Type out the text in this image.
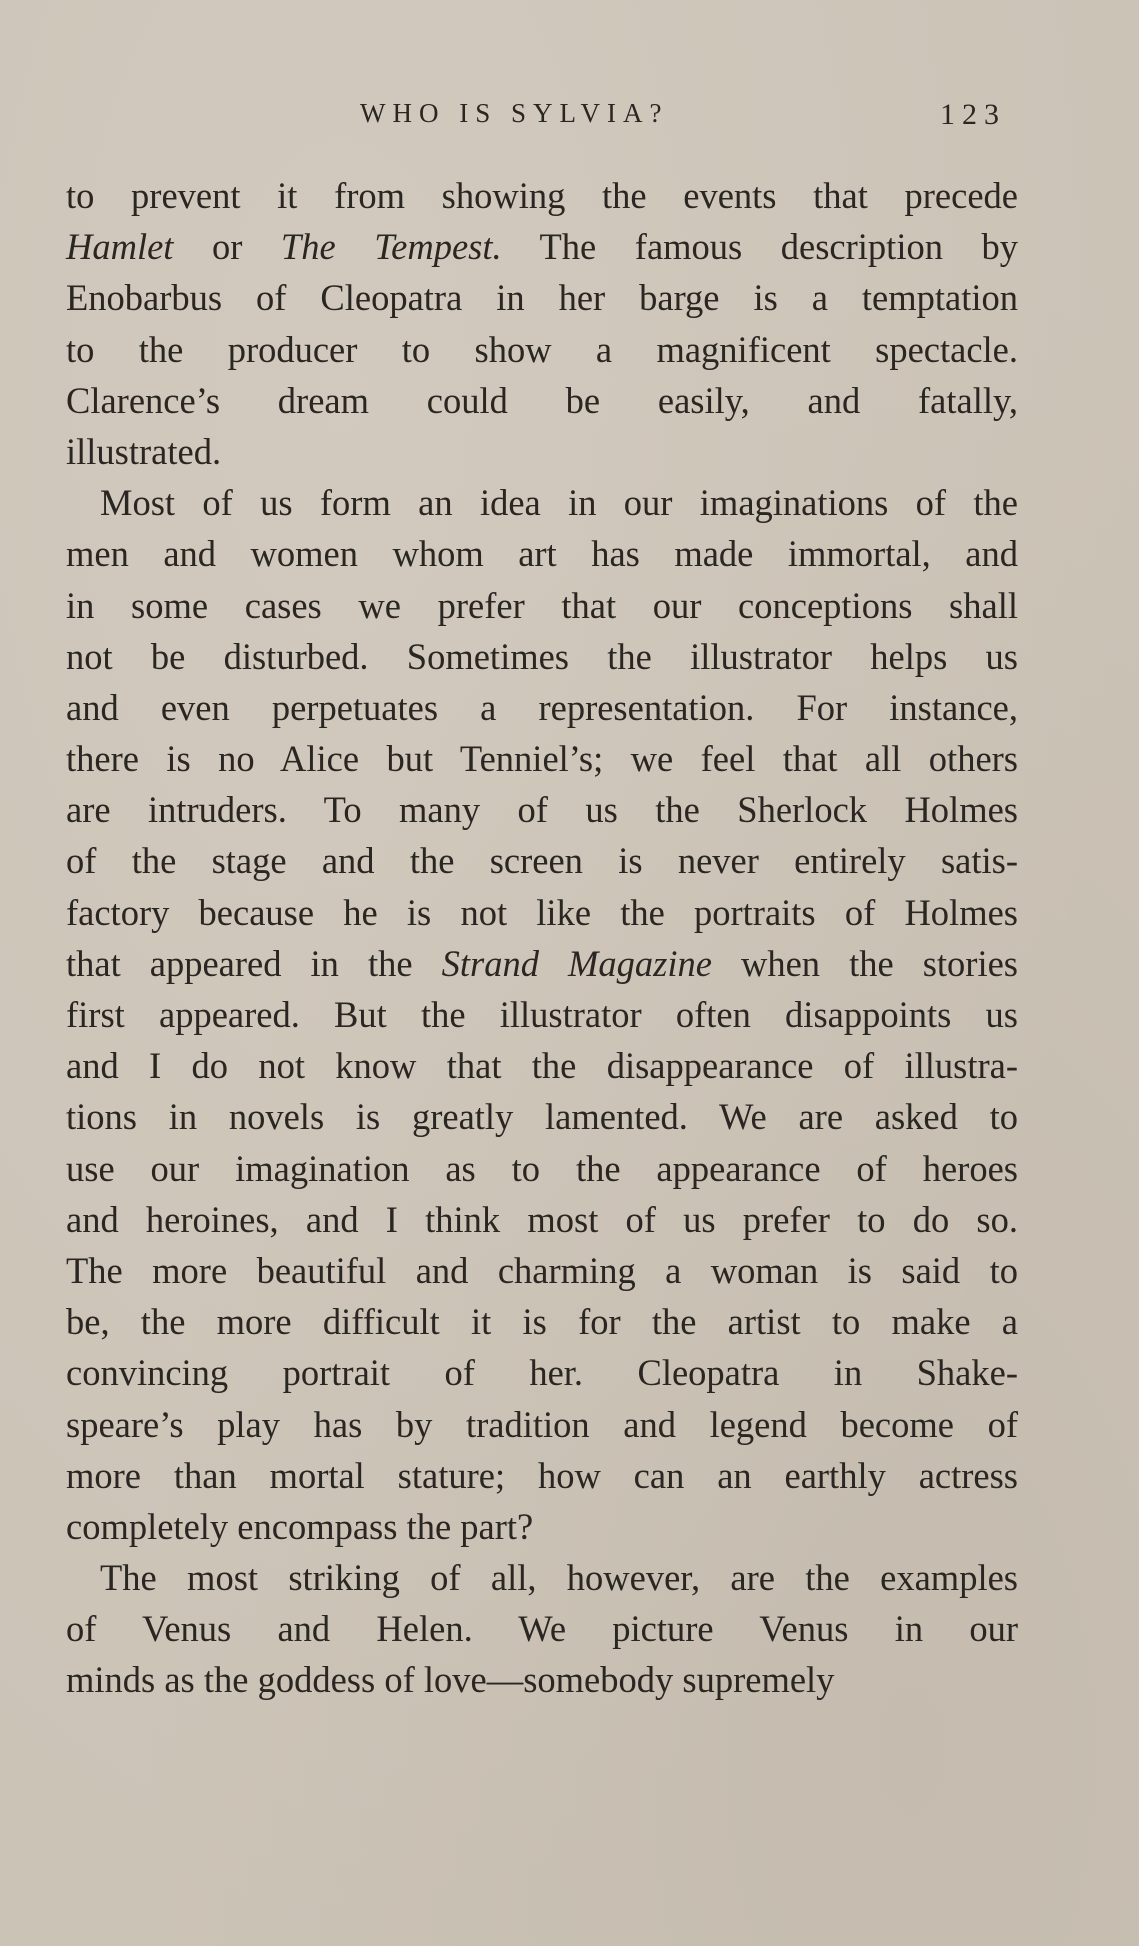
WHO IS SYLVIA?	123
to prevent it from showing the events that precede
Hamlet or The Tempest. The famous description by
Enobarbus of Cleopatra in her barge is a temptation
to the producer to show a magnificent spectacle.
Clarence’s dream could be easily, and fatally,
illustrated.
Most of us form an idea in our imaginations of the
men and women whom art has made immortal, and
in some cases we prefer that our conceptions shall
not be disturbed. Sometimes the illustrator helps us
and even perpetuates a representation. For instance,
there is no Alice but Tenniel’s; we feel that all others
are intruders. To many of us the Sherlock Holmes
of the stage and the screen is never entirely satis-
factory because he is not like the portraits of Holmes
that appeared in the Strand Magazine when the stories
first appeared. But the illustrator often disappoints us
and I do not know that the disappearance of illustra-
tions in novels is greatly lamented. We are asked to
use our imagination as to the appearance of heroes
and heroines, and I think most of us prefer to do so.
The more beautiful and charming a woman is said to
be, the more difficult it is for the artist to make a
convincing portrait of her. Cleopatra in Shake-
speare’s play has by tradition and legend become of
more than mortal stature; how can an earthly actress
completely encompass the part?
The most striking of all, however, are the examples
of Venus and Helen. We picture Venus in our
minds as the goddess of love—somebody supremely
